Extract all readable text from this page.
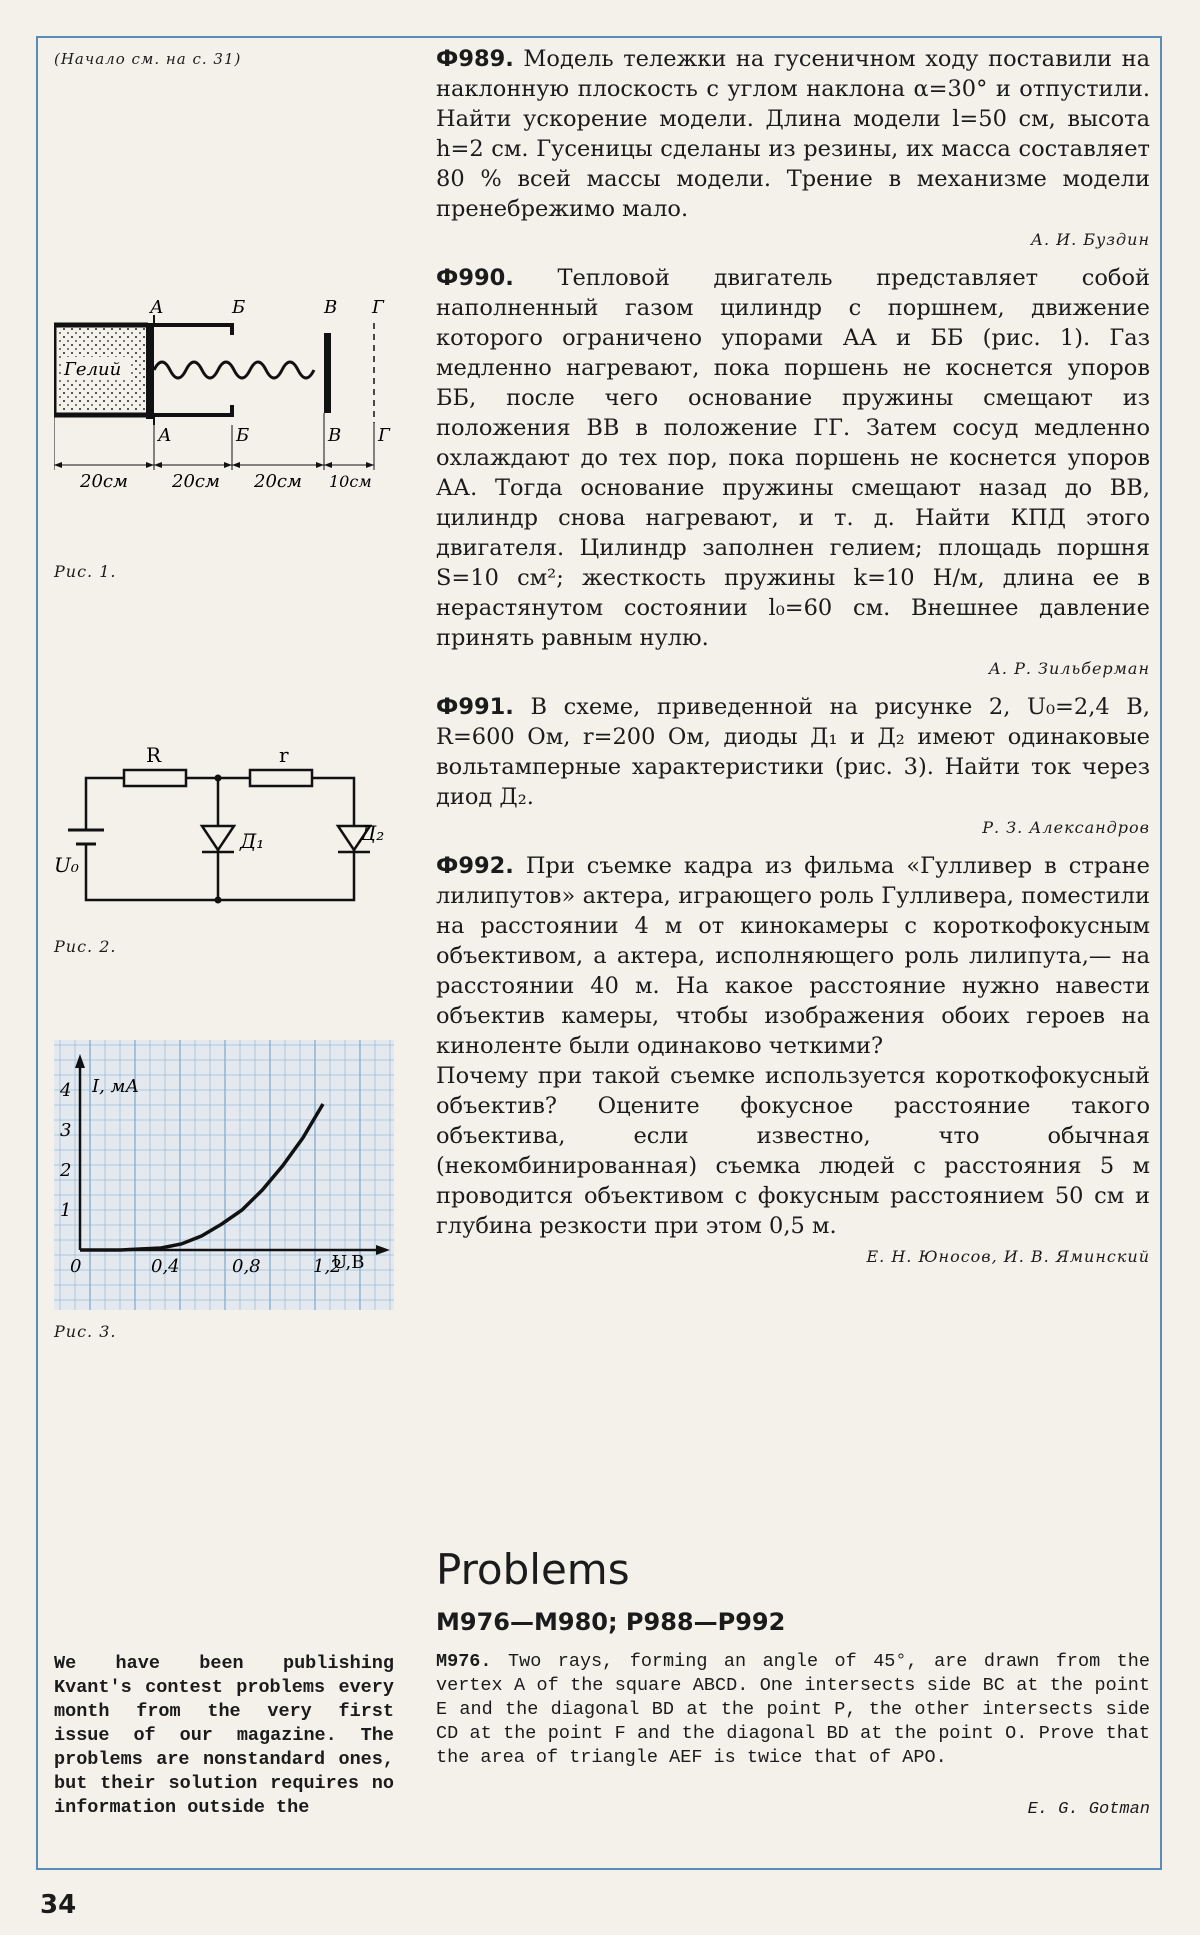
(Начало см. на с. 31)
А	Б	В Г
Гелий
А	Б	В Г
20см 20см 20см 10см
Рис. 1.
R	r
U₀
Д₁	Д₂
Рис. 2.
4
3
2
1
0	0,4	0,8	1,2
I, мА
U,В
Рис. 3.

Ф989. Модель тележки на гусеничном ходу поставили на наклонную плоскость с углом наклона α=30° и отпустили. Найти ускорение модели. Длина модели l=50 см, высота h=2 см. Гусеницы сделаны из резины, их масса составляет 80 % всей массы модели. Трение в механизме модели пренебрежимо мало.

А. И. Буздин

Ф990. Тепловой двигатель представляет собой наполненный газом цилиндр с поршнем, движение которого ограничено упорами АА и ББ (рис. 1). Газ медленно нагревают, пока поршень не коснется упоров ББ, после чего основание пружины смещают из положения ВВ в положение ГГ. Затем сосуд медленно охлаждают до тех пор, пока поршень не коснется упоров АА. Тогда основание пружины смещают назад до ВВ, цилиндр снова нагревают, и т. д. Найти КПД этого двигателя. Цилиндр заполнен гелием; площадь поршня S=10 см²; жесткость пружины k=10 Н/м, длина ее в нерастянутом состоянии l₀=60 см. Внешнее давление принять равным нулю.

А. Р. Зильберман

Ф991. В схеме, приведенной на рисунке 2, U₀=2,4 В, R=600 Ом, r=200 Ом, диоды Д₁ и Д₂ имеют одинаковые вольтамперные характеристики (рис. 3). Найти ток через диод Д₂.

Р. З. Александров

Ф992. При съемке кадра из фильма «Гулливер в стране лилипутов» актера, играющего роль Гулливера, поместили на расстоянии 4 м от кинокамеры с короткофокусным объективом, а актера, исполняющего роль лилипута,— на расстоянии 40 м. На какое расстояние нужно навести объектив камеры, чтобы изображения обоих героев на киноленте были одинаково четкими?

Почему при такой съемке используется короткофокусный объектив? Оцените фокусное расстояние такого объектива, если известно, что обычная (некомбинированная) съемка людей с расстояния 5 м проводится объективом с фокусным расстоянием 50 см и глубина резкости при этом 0,5 м.

Е. Н. Юносов, И. В. Яминский
Problems
M976—M980; P988—P992
We have been publishing Kvant's contest problems every month from the very first issue of our magazine. The problems are nonstandard ones, but their solution requires no information outside the
M976. Two rays, forming an angle of 45°, are drawn from the vertex A of the square ABCD. One intersects side BC at the point E and the diagonal BD at the point P, the other intersects side CD at the point F and the diagonal BD at the point O. Prove that the area of triangle AEF is twice that of APO.
E. G. Gotman
34
